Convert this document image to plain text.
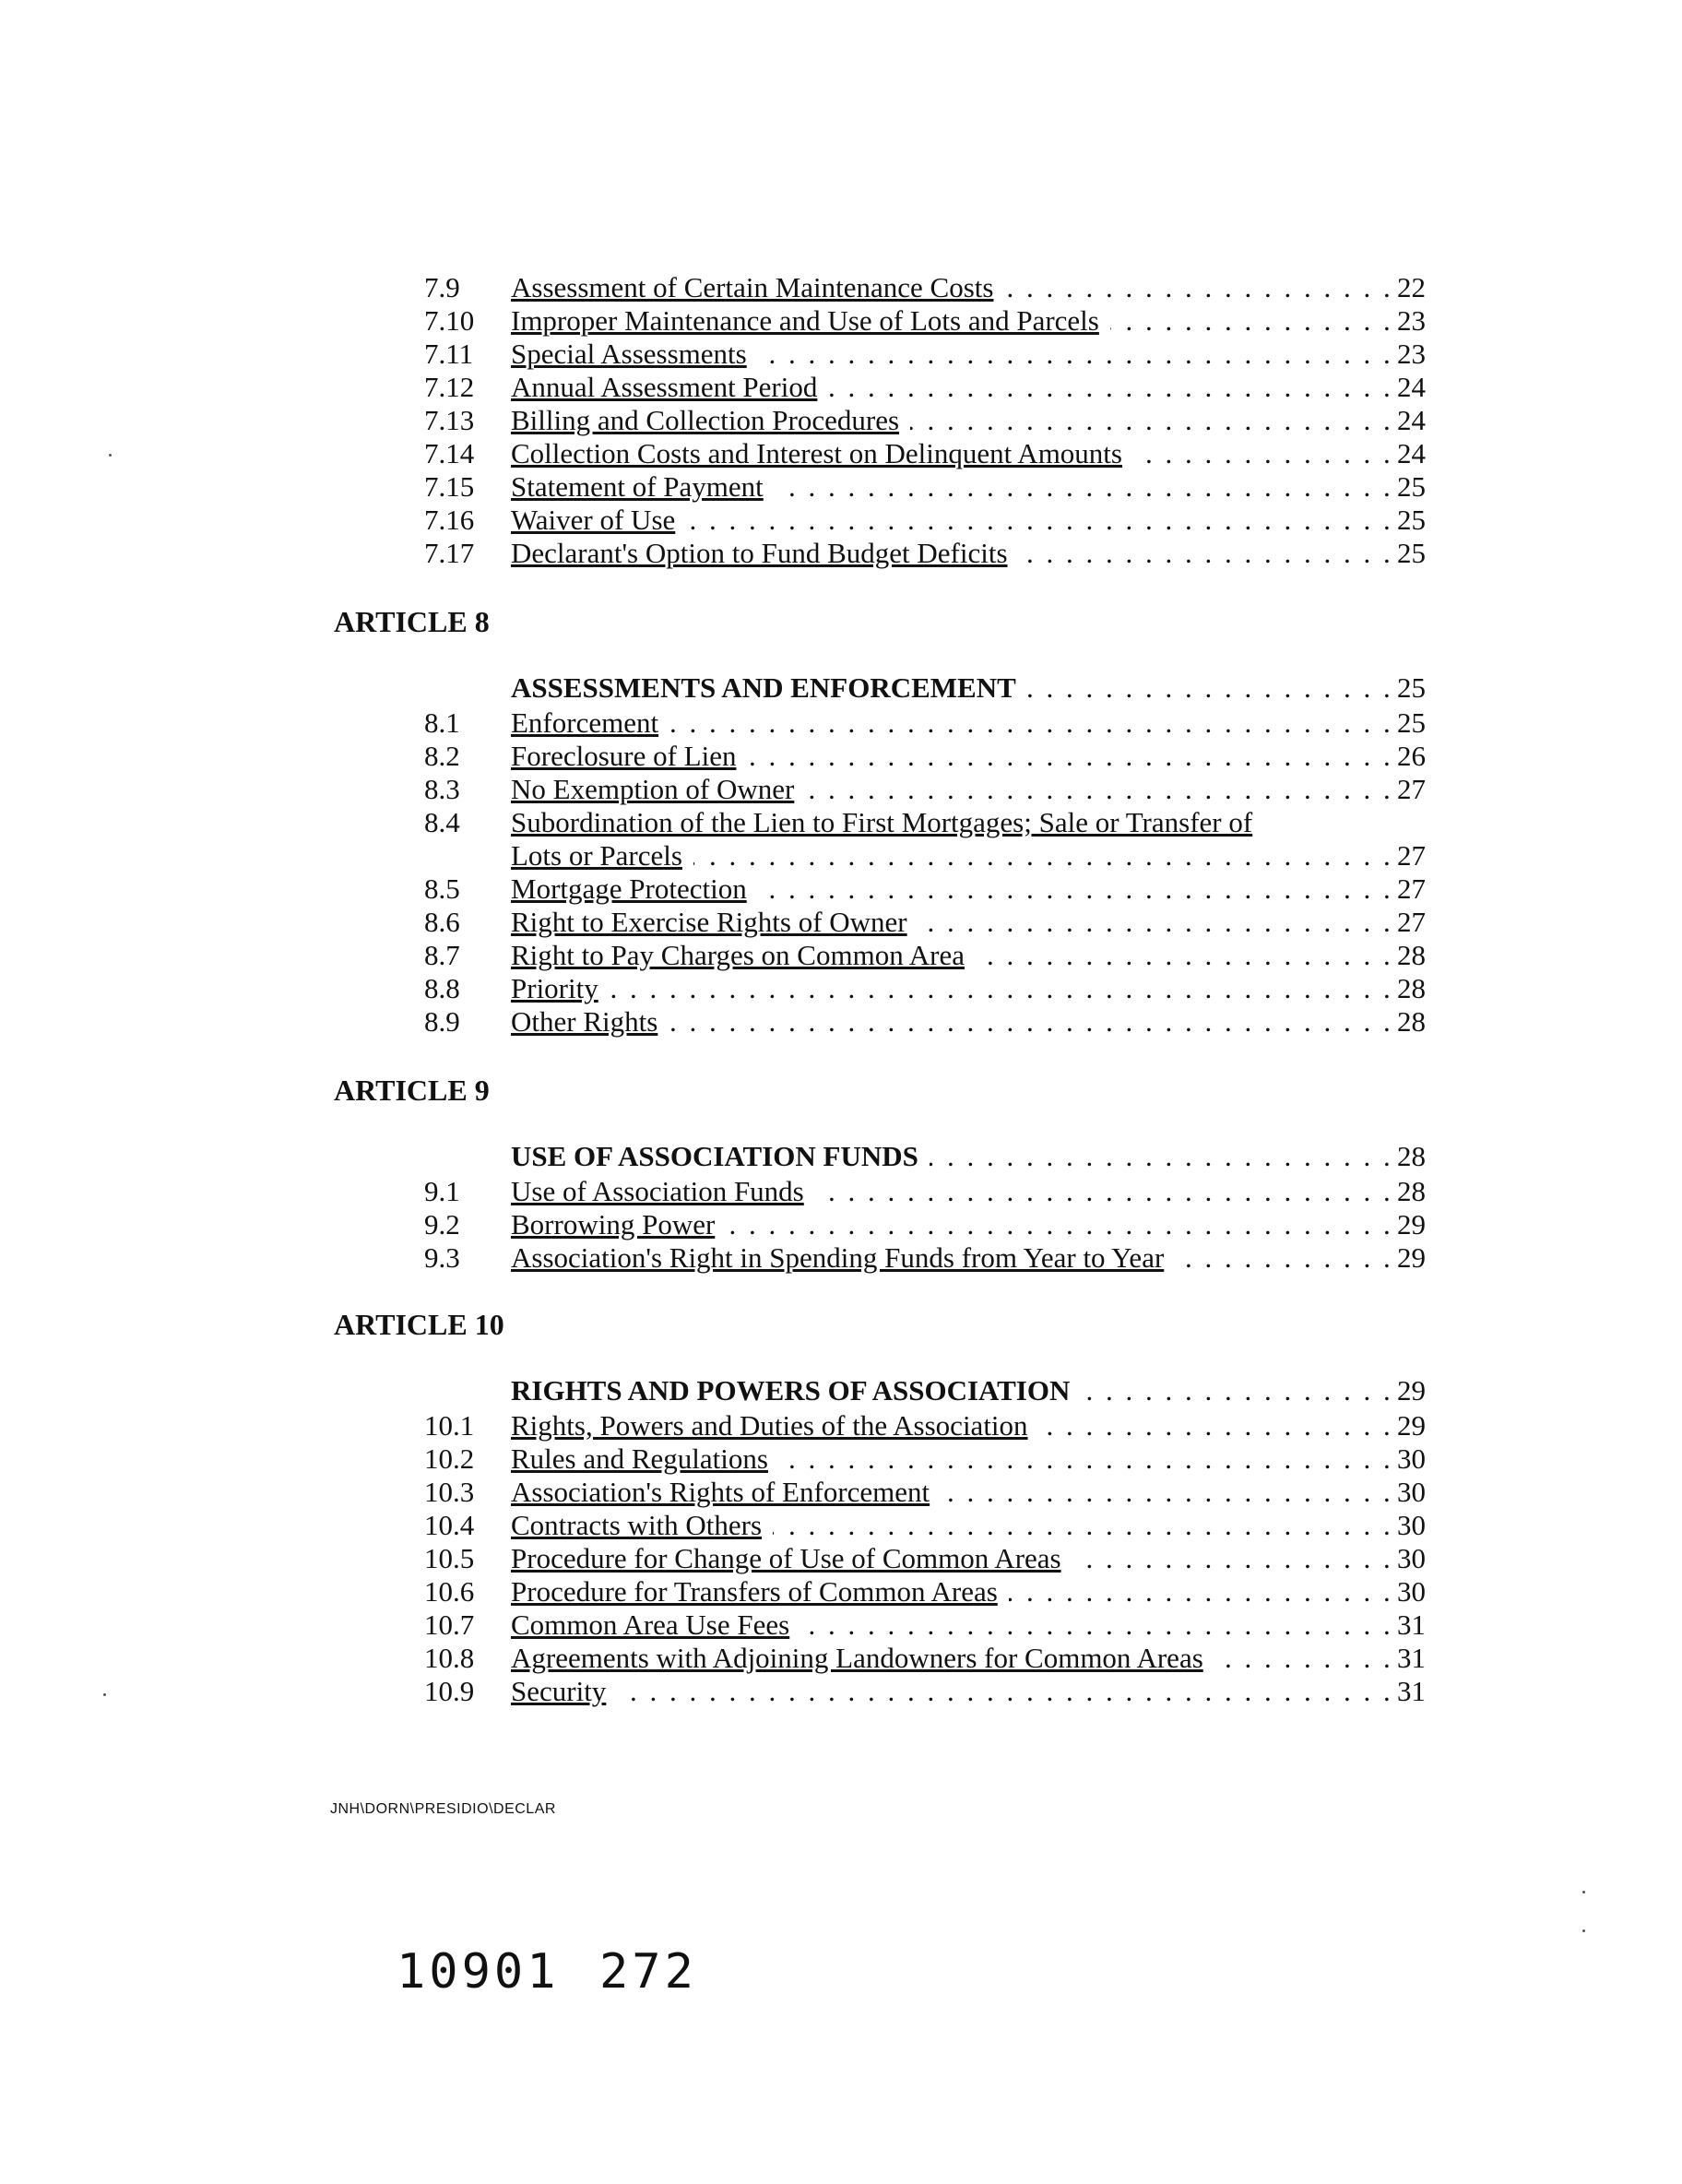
7.9 Assessment of Certain Maintenance Costs . . .	22
7.10 Improper Maintenance and Use of Lots and Parcels . . .	23
7.11 Special Assessments . . .	23
7.12 Annual Assessment Period . . .	24
7.13 Billing and Collection Procedures . . .	24
7.14 Collection Costs and Interest on Delinquent Amounts . . .	24
7.15 Statement of Payment . . .	25
7.16 Waiver of Use . . .	25
7.17 Declarant's Option to Fund Budget Deficits . . .	25
ARTICLE 8
ASSESSMENTS AND ENFORCEMENT . . .	25
8.1 Enforcement . . .	25
8.2 Foreclosure of Lien . . .	26
8.3 No Exemption of Owner . . .	27
8.4 Subordination of the Lien to First Mortgages; Sale or Transfer of
Lots or Parcels . . .	27
8.5 Mortgage Protection . . .	27
8.6 Right to Exercise Rights of Owner . . .	27
8.7 Right to Pay Charges on Common Area . . .	28
8.8 Priority . . .	28
8.9 Other Rights . . .	28
ARTICLE 9
USE OF ASSOCIATION FUNDS . . .	28
9.1 Use of Association Funds . . .	28
9.2 Borrowing Power . . .	29
9.3 Association's Right in Spending Funds from Year to Year . . .	29
ARTICLE 10
RIGHTS AND POWERS OF ASSOCIATION . . .	29
10.1 Rights, Powers and Duties of the Association . . .	29
10.2 Rules and Regulations . . .	30
10.3 Association's Rights of Enforcement . . .	30
10.4 Contracts with Others . . .	30
10.5 Procedure for Change of Use of Common Areas . . .	30
10.6 Procedure for Transfers of Common Areas . . .	30
10.7 Common Area Use Fees . . .	31
10.8 Agreements with Adjoining Landowners for Common Areas . . .	31
10.9 Security . . .	31
JNH\DORN\PRESIDIO\DECLAR
10901 272
